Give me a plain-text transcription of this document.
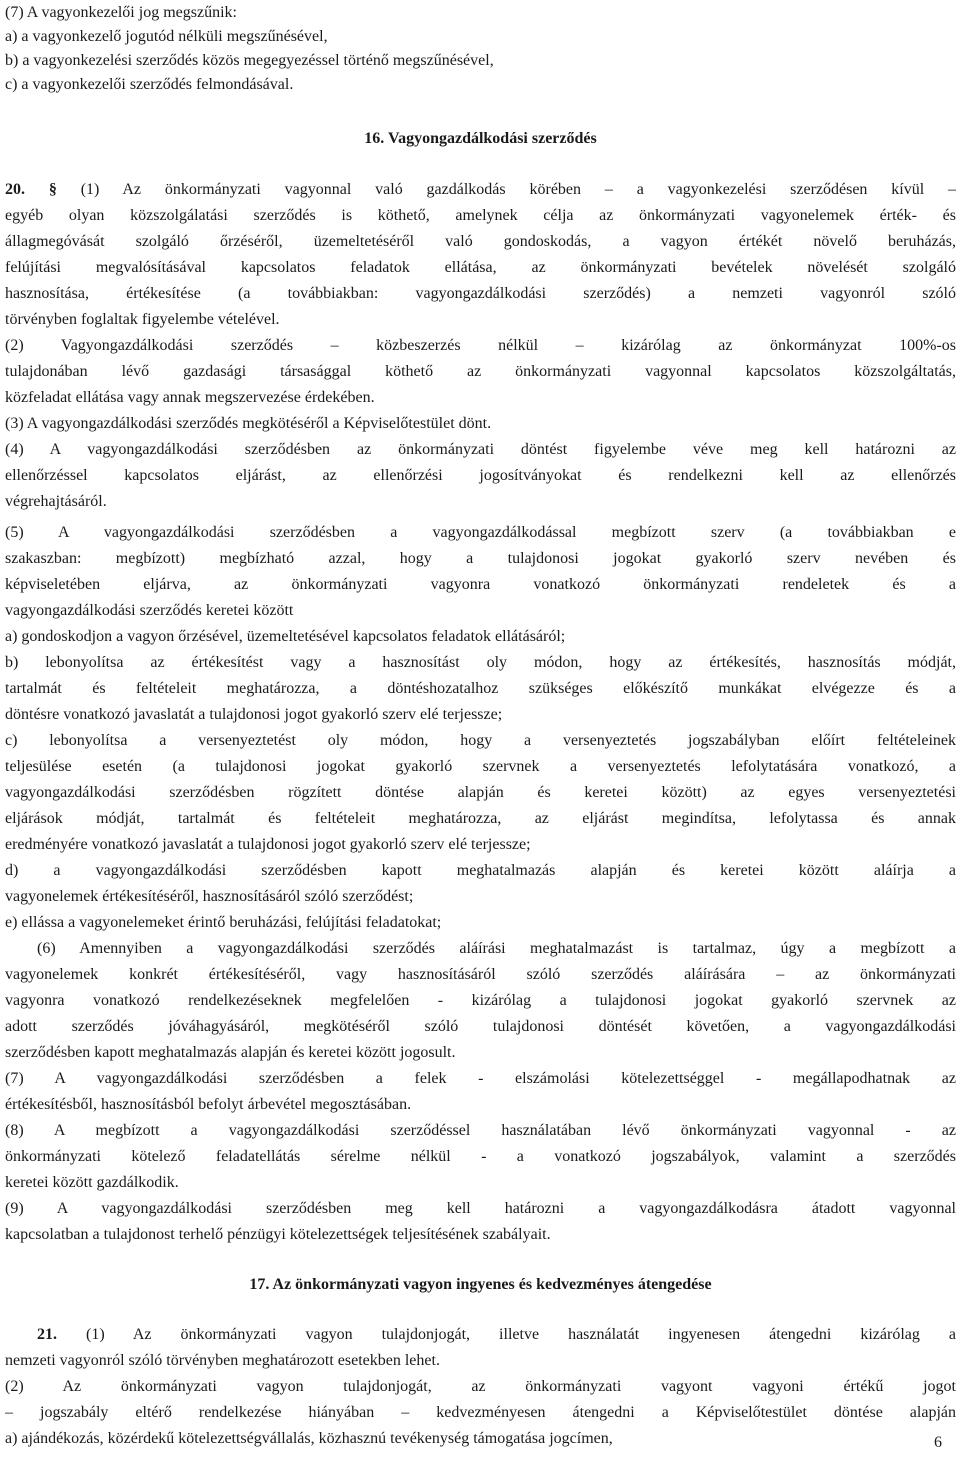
(7) A vagyonkezelői jog megszűnik:
a) a vagyonkezelő jogutód nélküli megszűnésével,
b) a vagyonkezelési szerződés közös megegyezéssel történő megszűnésével,
c) a vagyonkezelői szerződés felmondásával.
16. Vagyongazdálkodási szerződés
20. § (1) Az önkormányzati vagyonnal való gazdálkodás körében – a vagyonkezelési szerződésen kívül –
egyéb olyan közszolgálatási szerződés is köthető, amelynek célja az önkormányzati vagyonelemek érték- és
állagmegóvását szolgáló őrzéséről, üzemeltetéséről való gondoskodás, a vagyon értékét növelő beruházás,
felújítási megvalósításával kapcsolatos feladatok ellátása, az önkormányzati bevételek növelését szolgáló
hasznosítása, értékesítése (a továbbiakban: vagyongazdálkodási szerződés) a nemzeti vagyonról szóló
törvényben foglaltak figyelembe vételével.
(2) Vagyongazdálkodási szerződés – közbeszerzés nélkül – kizárólag az önkormányzat 100%-os
tulajdonában lévő gazdasági társasággal köthető az önkormányzati vagyonnal kapcsolatos közszolgáltatás,
közfeladat ellátása vagy annak megszervezése érdekében.
(3) A vagyongazdálkodási szerződés megkötéséről a Képviselőtestület dönt.
(4) A vagyongazdálkodási szerződésben az önkormányzati döntést figyelembe véve meg kell határozni az
ellenőrzéssel kapcsolatos eljárást, az ellenőrzési jogosítványokat és rendelkezni kell az ellenőrzés
végrehajtásáról.
(5) A vagyongazdálkodási szerződésben a vagyongazdálkodással megbízott szerv (a továbbiakban e
szakaszban: megbízott) megbízható azzal, hogy a tulajdonosi jogokat gyakorló szerv nevében és
képviseletében eljárva, az önkormányzati vagyonra vonatkozó önkormányzati rendeletek és a
vagyongazdálkodási szerződés keretei között
a) gondoskodjon a vagyon őrzésével, üzemeltetésével kapcsolatos feladatok ellátásáról;
b) lebonyolítsa az értékesítést vagy a hasznosítást oly módon, hogy az értékesítés, hasznosítás módját,
tartalmát és feltételeit meghatározza, a döntéshozatalhoz szükséges előkészítő munkákat elvégezze és a
döntésre vonatkozó javaslatát a tulajdonosi jogot gyakorló szerv elé terjessze;
c) lebonyolítsa a versenyeztetést oly módon, hogy a versenyeztetés jogszabályban előírt feltételeinek
teljesülése esetén (a tulajdonosi jogokat gyakorló szervnek a versenyeztetés lefolytatására vonatkozó, a
vagyongazdálkodási szerződésben rögzített döntése alapján és keretei között) az egyes versenyeztetési
eljárások módját, tartalmát és feltételeit meghatározza, az eljárást megindítsa, lefolytassa és annak
eredményére vonatkozó javaslatát a tulajdonosi jogot gyakorló szerv elé terjessze;
d) a vagyongazdálkodási szerződésben kapott meghatalmazás alapján és keretei között aláírja a
vagyonelemek értékesítéséről, hasznosításáról szóló szerződést;
e) ellássa a vagyonelemeket érintő beruházási, felújítási feladatokat;
(6) Amennyiben a vagyongazdálkodási szerződés aláírási meghatalmazást is tartalmaz, úgy a megbízott a
vagyonelemek konkrét értékesítéséről, vagy hasznosításáról szóló szerződés aláírására – az önkormányzati
vagyonra vonatkozó rendelkezéseknek megfelelően - kizárólag a tulajdonosi jogokat gyakorló szervnek az
adott szerződés jóváhagyásáról, megkötéséről szóló tulajdonosi döntését követően, a vagyongazdálkodási
szerződésben kapott meghatalmazás alapján és keretei között jogosult.
(7) A vagyongazdálkodási szerződésben a felek - elszámolási kötelezettséggel - megállapodhatnak az
értékesítésből, hasznosításból befolyt árbevétel megosztásában.
(8) A megbízott a vagyongazdálkodási szerződéssel használatában lévő önkormányzati vagyonnal - az
önkormányzati kötelező feladatellátás sérelme nélkül - a vonatkozó jogszabályok, valamint a szerződés
keretei között gazdálkodik.
(9) A vagyongazdálkodási szerződésben meg kell határozni a vagyongazdálkodásra átadott vagyonnal
kapcsolatban a tulajdonost terhelő pénzügyi kötelezettségek teljesítésének szabályait.
17. Az önkormányzati vagyon ingyenes és kedvezményes átengedése
21. (1) Az önkormányzati vagyon tulajdonjogát, illetve használatát ingyenesen átengedni kizárólag a
nemzeti vagyonról szóló törvényben meghatározott esetekben lehet.
(2) Az önkormányzati vagyon tulajdonjogát, az önkormányzati vagyont vagyoni értékű jogot
– jogszabály eltérő rendelkezése hiányában – kedvezményesen átengedni a Képviselőtestület döntése alapján
a) ajándékozás, közérdekű kötelezettségvállalás, közhasznú tevékenység támogatása jogcímen,	6
